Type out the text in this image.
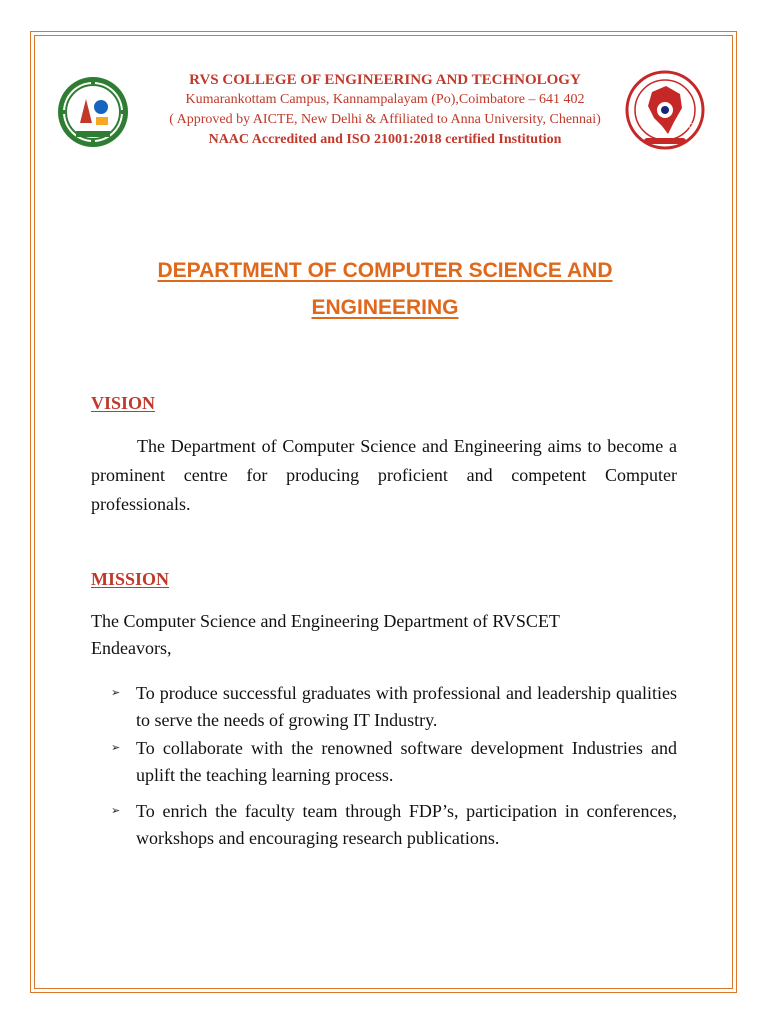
RVS COLLEGE OF ENGINEERING AND TECHNOLOGY
Kumarankottam Campus, Kannampalayam (Po),Coimbatore – 641 402
( Approved by AICTE, New Delhi & Affiliated to Anna University, Chennai)
NAAC Accredited and ISO 21001:2018 certified Institution
NAAC
DEPARTMENT OF COMPUTER SCIENCE AND
ENGINEERING
VISION

The Department of Computer Science and Engineering aims to become a prominent centre for producing proficient and competent Computer professionals.

MISSION

The Computer Science and Engineering Department of RVSCET
Endeavors,

➢ To produce successful graduates with professional and leadership qualities to serve the needs of growing IT Industry.
➢ To collaborate with the renowned software development Industries and uplift the teaching learning process.
➢ To enrich the faculty team through FDP’s, participation in conferences, workshops and encouraging research publications.
